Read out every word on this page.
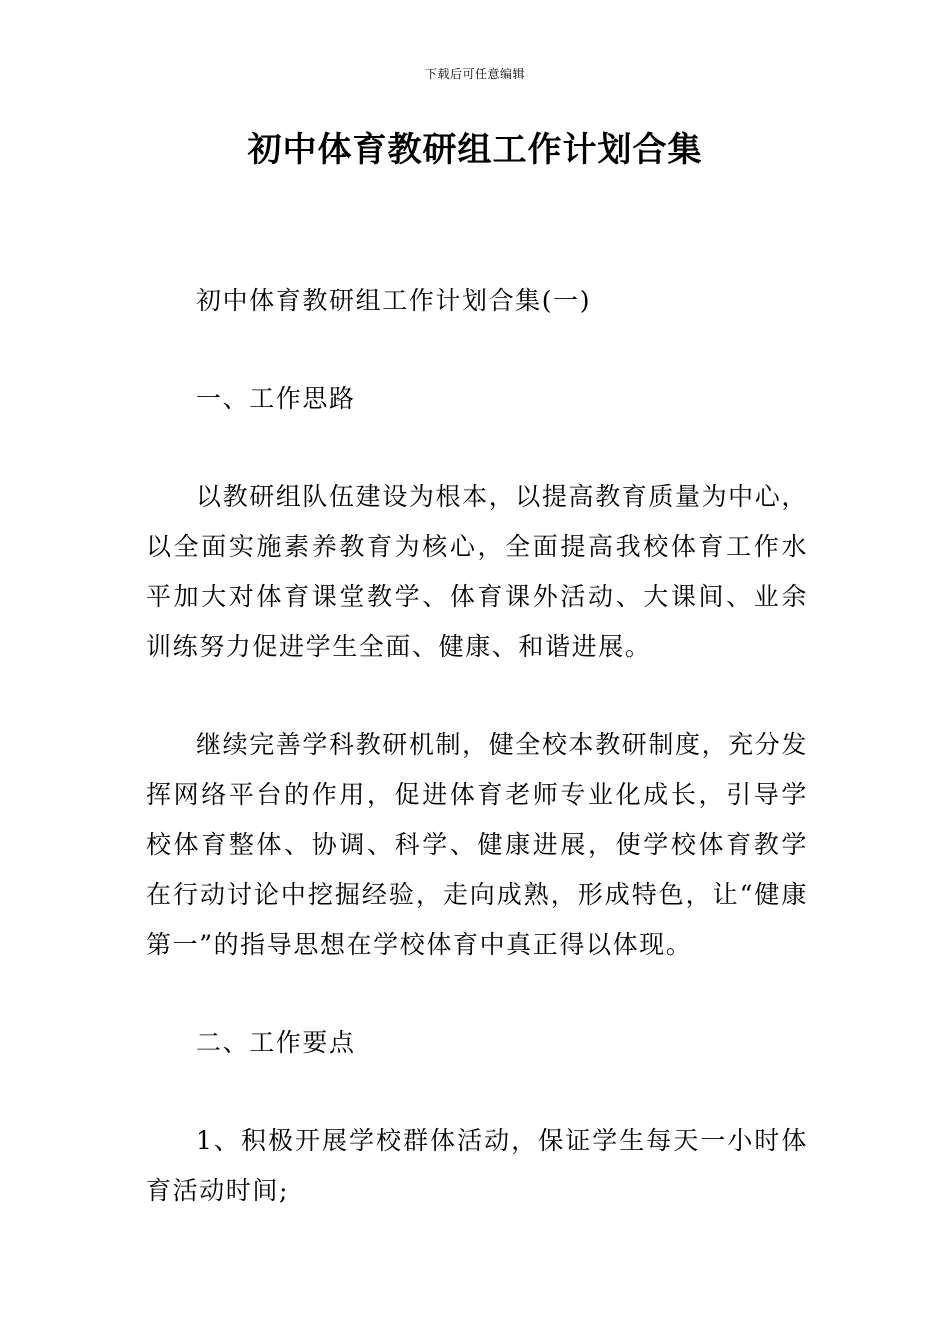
下载后可任意编辑
初中体育教研组工作计划合集

初中体育教研组工作计划合集(一)

一、工作思路

以教研组队伍建设为根本，以提高教育质量为中心，以全面实施素养教育为核心，全面提高我校体育工作水平加大对体育课堂教学、体育课外活动、大课间、业余训练努力促进学生全面、健康、和谐进展。

继续完善学科教研机制，健全校本教研制度，充分发挥网络平台的作用，促进体育老师专业化成长，引导学校体育整体、协调、科学、健康进展，使学校体育教学在行动讨论中挖掘经验，走向成熟，形成特色，让“健康第一”的指导思想在学校体育中真正得以体现。

二、工作要点

1、积极开展学校群体活动，保证学生每天一小时体育活动时间;
